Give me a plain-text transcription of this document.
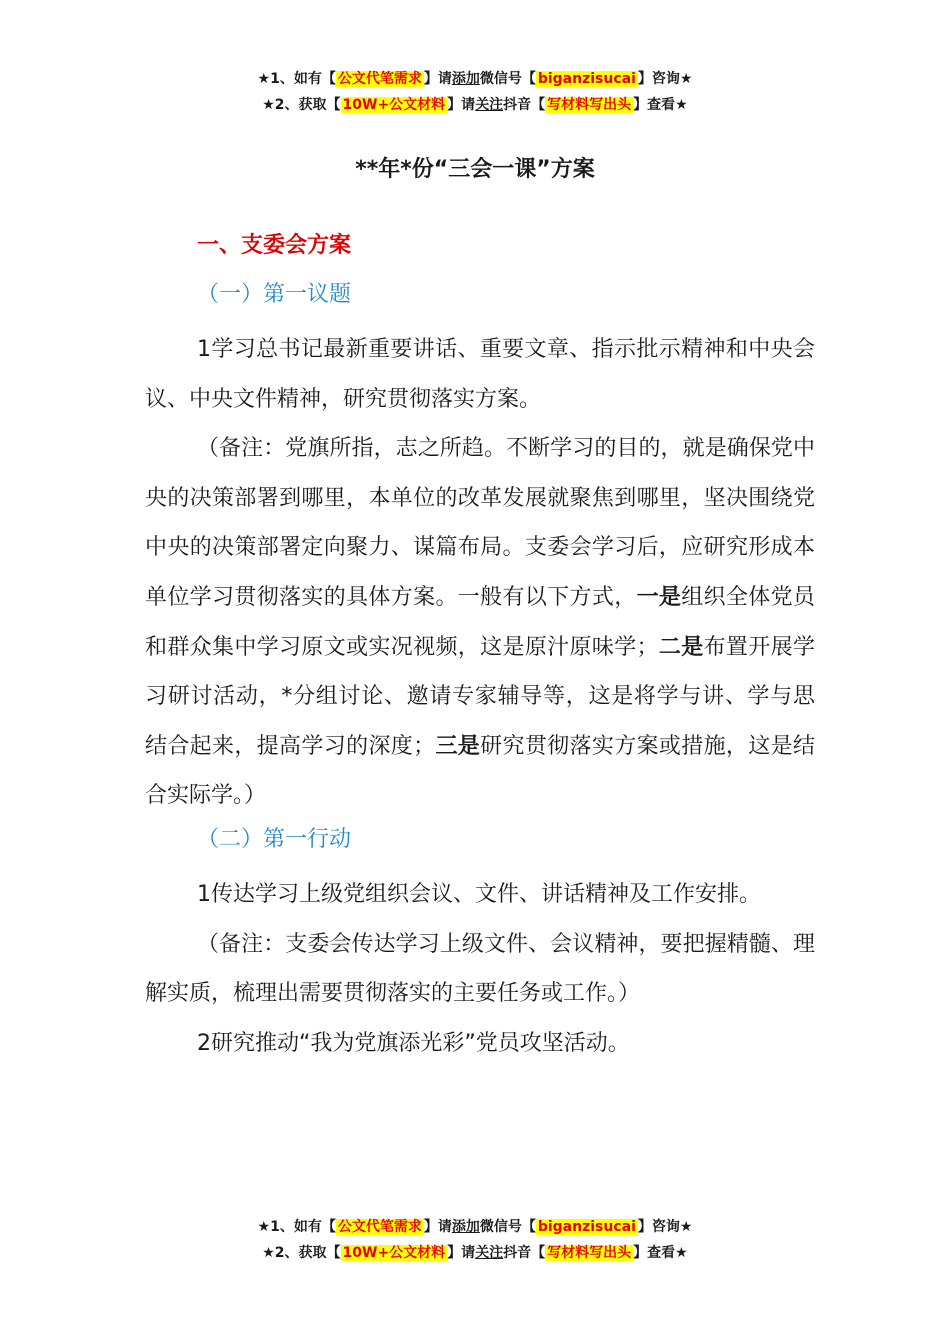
★1、如有【 公文代笔需求 】请添加微信号【 biganzisucai 】咨询★
★2、获取【 10W+公文材料 】请关注抖音【 写材料写出头 】查看★
**年*份“三会一课”方案
一、支委会方案
（一）第一议题

1学习总书记最新重要讲话、重要文章、指示批示精神和中央会议、中央文件精神，研究贯彻落实方案。

（备注：党旗所指，志之所趋。不断学习的目的，就是确保党中央的决策部署到哪里，本单位的改革发展就聚焦到哪里，坚决围绕党中央的决策部署定向聚力、谋篇布局。支委会学习后，应研究形成本单位学习贯彻落实的具体方案。一般有以下方式，一是组织全体党员和群众集中学习原文或实况视频，这是原汁原味学；二是布置开展学习研讨活动，*分组讨论、邀请专家辅导等，这是将学与讲、学与思结合起来，提高学习的深度；三是研究贯彻落实方案或措施，这是结合实际学。）

（二）第一行动

1传达学习上级党组织会议、文件、讲话精神及工作安排。

（备注：支委会传达学习上级文件、会议精神，要把握精髓、理解实质，梳理出需要贯彻落实的主要任务或工作。）

2研究推动“我为党旗添光彩”党员攻坚活动。

★1、如有【 公文代笔需求 】请添加微信号【 biganzisucai 】咨询★
★2、获取【 10W+公文材料 】请关注抖音【 写材料写出头 】查看★
